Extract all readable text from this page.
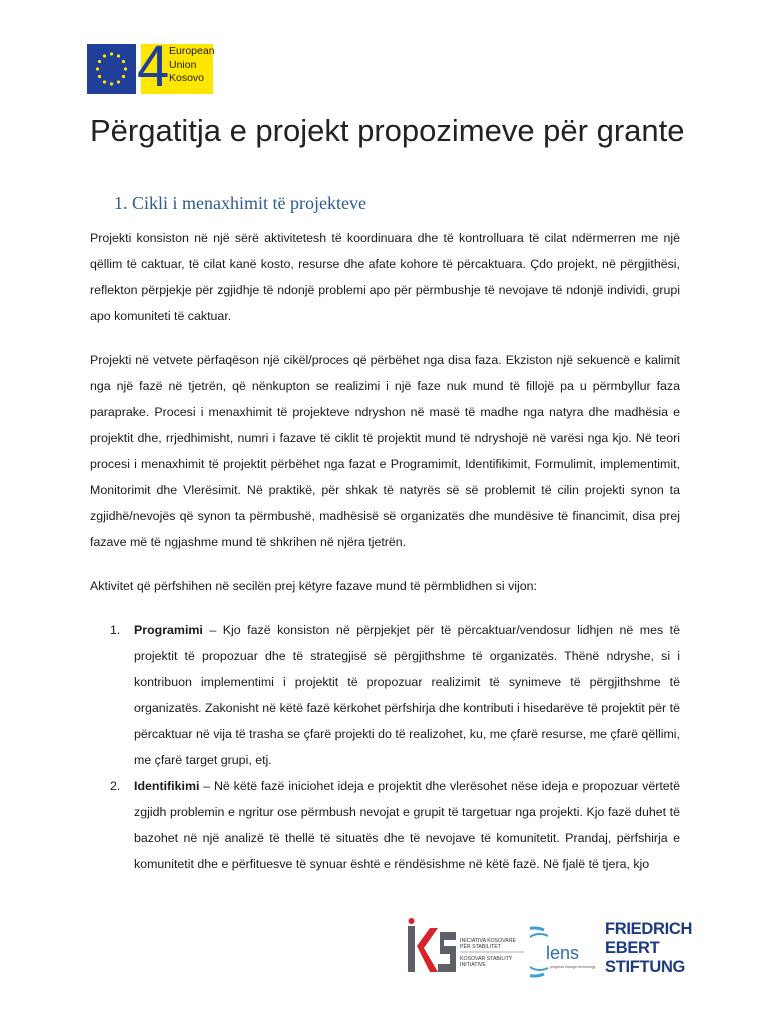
4 European
Union
Kosovo
Përgatitja e projekt propozimeve për grante
1. Cikli i menaxhimit të projekteve

Projekti konsiston në një sërë aktivitetesh të koordinuara dhe të kontrolluara të cilat ndërmerren me një qëllim të caktuar, të cilat kanë kosto, resurse dhe afate kohore të përcaktuara. Çdo projekt, në përgjithësi, reflekton përpjekje për zgjidhje të ndonjë problemi apo për përmbushje të nevojave të ndonjë individi, grupi apo komuniteti të caktuar.

Projekti në vetvete përfaqëson një cikël/proces që përbëhet nga disa faza. Ekziston një sekuencë e kalimit nga një fazë në tjetrën, që nënkupton se realizimi i një faze nuk mund të fillojë pa u përmbyllur faza paraprake. Procesi i menaxhimit të projekteve ndryshon në masë të madhe nga natyra dhe madhësia e projektit dhe, rrjedhimisht, numri i fazave të ciklit të projektit mund të ndryshojë në varësi nga kjo. Në teori procesi i menaxhimit të projektit përbëhet nga fazat e Programimit, Identifikimit, Formulimit, implementimit, Monitorimit dhe Vlerësimit. Në praktikë, për shkak të natyrës së së problemit të cilin projekti synon ta zgjidhë/nevojës që synon ta përmbushë, madhësisë së organizatës dhe mundësive të financimit, disa prej fazave më të ngjashme mund të shkrihen në njëra tjetrën.

Aktivitet që përfshihen në secilën prej këtyre fazave mund të përmblidhen si vijon:

1. Programimi – Kjo fazë konsiston në përpjekjet për të përcaktuar/vendosur lidhjen në mes të projektit të propozuar dhe të strategjisë së përgjithshme të organizatës. Thënë ndryshe, si i kontribuon implementimi i projektit të propozuar realizimit të synimeve të përgjithshme të organizatës. Zakonisht në këtë fazë kërkohet përfshirja dhe kontributi i hisedarëve të projektit për të përcaktuar në vija të trasha se çfarë projekti do të realizohet, ku, me çfarë resurse, me çfarë qëllimi, me çfarë target grupi, etj.
2. Identifikimi – Në këtë fazë iniciohet ideja e projektit dhe vlerësohet nëse ideja e propozuar vërtetë zgjidh problemin e ngritur ose përmbush nevojat e grupit të targetuar nga projekti. Kjo fazë duhet të bazohet në një analizë të thellë të situatës dhe të nevojave të komunitetit. Prandaj, përfshirja e komunitetit dhe e përfituesve të synuar është e rëndësishme në këtë fazë. Në fjalë të tjera, kjo
INICIATIVA KOSOVARE
PËR STABILITET
KOSOVAR STABILITY
INITIATIVE
lens
progress through technology
FRIEDRICH
EBERT
STIFTUNG
